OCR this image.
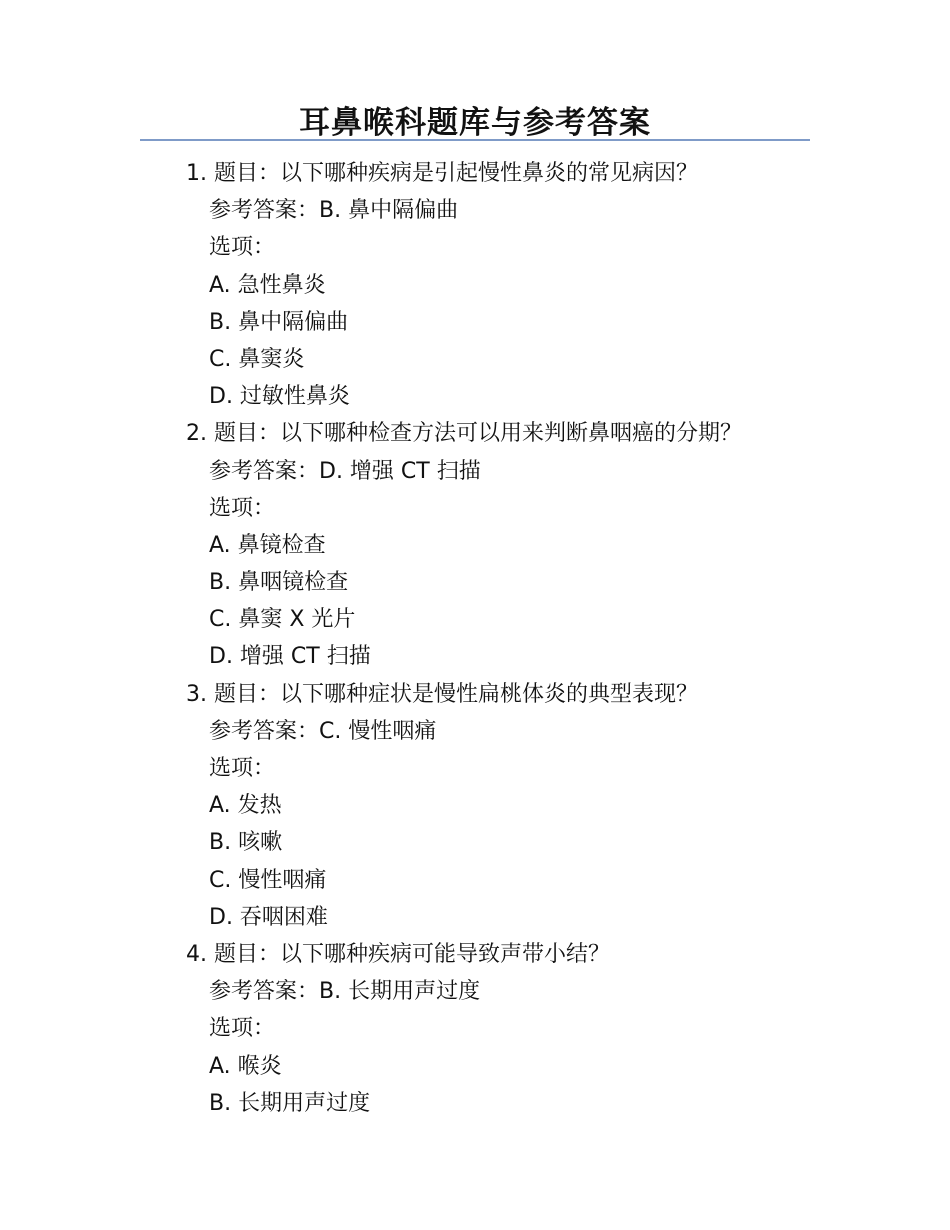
耳鼻喉科题库与参考答案
1. 题目：以下哪种疾病是引起慢性鼻炎的常见病因？
参考答案：B. 鼻中隔偏曲
选项：
A. 急性鼻炎
B. 鼻中隔偏曲
C. 鼻窦炎
D. 过敏性鼻炎
2. 题目：以下哪种检查方法可以用来判断鼻咽癌的分期？
参考答案：D. 增强 CT 扫描
选项：
A. 鼻镜检查
B. 鼻咽镜检查
C. 鼻窦 X 光片
D. 增强 CT 扫描
3. 题目：以下哪种症状是慢性扁桃体炎的典型表现？
参考答案：C. 慢性咽痛
选项：
A. 发热
B. 咳嗽
C. 慢性咽痛
D. 吞咽困难
4. 题目：以下哪种疾病可能导致声带小结？
参考答案：B. 长期用声过度
选项：
A. 喉炎
B. 长期用声过度
